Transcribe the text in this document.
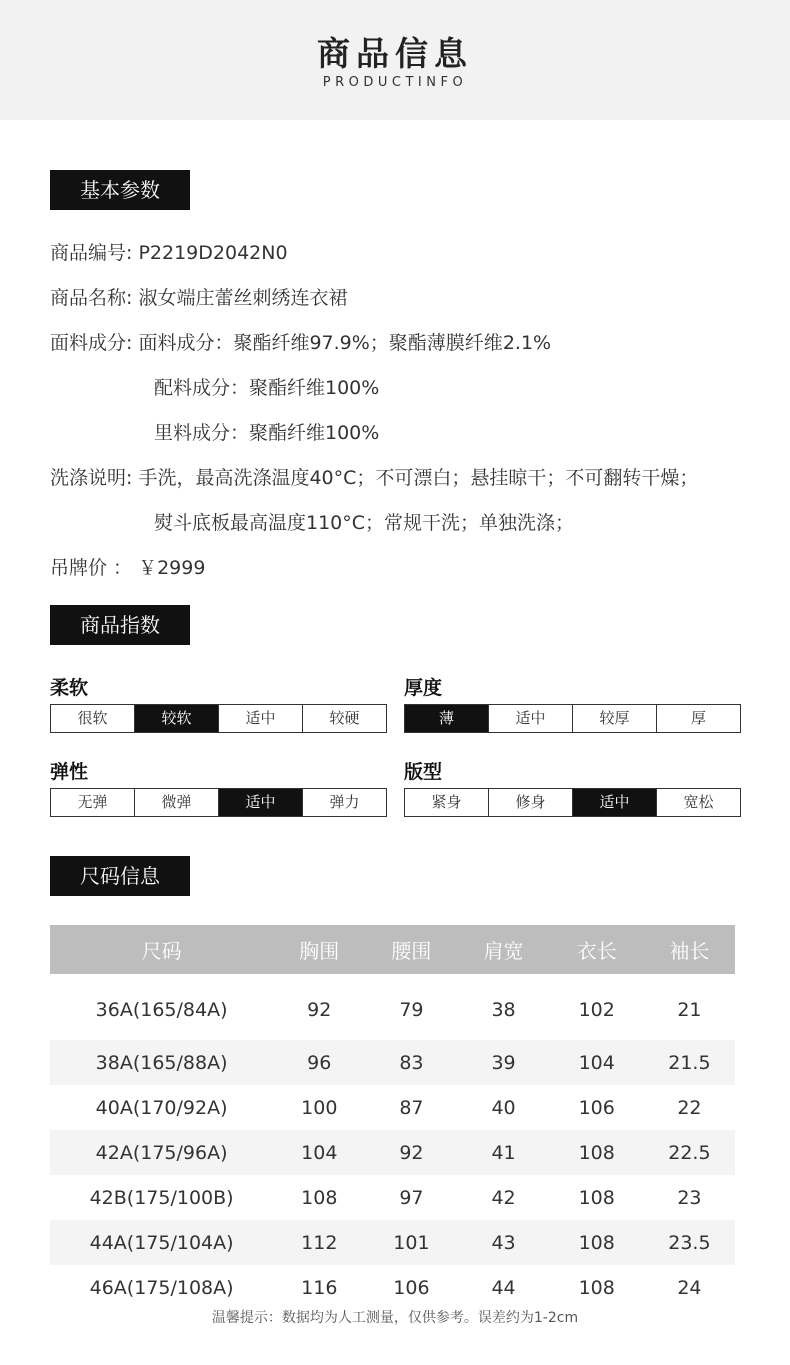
商品信息
PRODUCTINFO
基本参数
商品编号: P2219D2042N0
商品名称: 淑女端庄蕾丝刺绣连衣裙
面料成分: 面料成分：聚酯纤维97.9%；聚酯薄膜纤维2.1%
配料成分：聚酯纤维100%
里料成分：聚酯纤维100%
洗涤说明: 手洗，最高洗涤温度40°C；不可漂白；悬挂晾干；不可翻转干燥；
熨斗底板最高温度110°C；常规干洗；单独洗涤；
吊牌价 ： ￥2999
商品指数
柔软
很软	较软	适中	较硬
厚度
薄	适中	较厚	厚
弹性
无弹	微弹	适中	弹力
版型
紧身	修身	适中	宽松
尺码信息
尺码	胸围	腰围	肩宽	衣长	袖长
36A(165/84A)	92	79	38	102	21
38A(165/88A)	96	83	39	104	21.5
40A(170/92A)	100	87	40	106	22
42A(175/96A)	104	92	41	108	22.5
42B(175/100B)	108	97	42	108	23
44A(175/104A)	112	101	43	108	23.5
46A(175/108A)	116	106	44	108	24
温馨提示：数据均为人工测量，仅供参考。误差约为1-2cm
